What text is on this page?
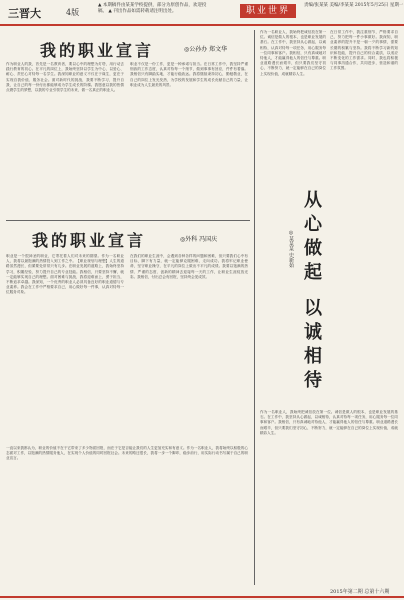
三晋大	4版
▲ 本期稿件由某某学校提供，部分为原创作品，欢迎投稿。 ▲ 刊出作品如需转载请注明出处。	职业世界
责编/张某某 美编/李某某 2015年5月25日 星期一
我的职业宣言	◎公孙办 郑文华
作为职业人的我，首先是一名教育者，要以心中的理想为灯塔，用行动去践行教育的初心。在平凡的岗位上，我始终坚持以学生为中心，以爱心、耐心、责任心对待每一名学生。我深知职业的意义不仅在于谋生，更在于实现自我价值、服务社会。面对新时代的挑战，我要不断学习，提升自我，让自己的每一份付出都能够成为学生成长的阶梯。我愿意以我的热情点燃学生的梦想，以我的专业引领学生的未来，做一名真正的职业人。
职业不仅是一份工作，更是一种承诺与担当。在日常工作中，我坚持严谨细致的工作态度，认真对待每一个细节，做到事事有回应，件件有着落。我相信只有脚踏实地，才能行稳致远。我将继续秉持初心，勤勉敬业，在自己的岗位上发光发热，为学校的发展和学生的成长贡献自己的力量，让职业成为人生最美的风景。
我的职业宣言	◎外科 冯国庆
职业是一个很神圣的职业，它寄托着人们对未来的期望。作为一名职业人，我将以最饱满的热情投入到工作之中。【职业规划与理想】人生的道路虽然漫长，但紧要处常常只有几步。在职业发展的道路上，我始终坚持学习，积累经验，努力提升自己的专业技能。我相信，只要坚持不懈，就一定能够实现自己的理想。面对困难与挑战，我将迎难而上，勇于担当，不断追求卓越。我深知，一个优秀的职业人必须具备良好的职业道德与专业素养。我会在工作中严格要求自己，用心做好每一件事，认真对待每一位服务对象。
在我们的职业生涯中，会遇到各种各样的问题和困难，但只要我们心中有目标，脚下有力量，就一定能够克服困难，走向成功。我将牢记职业使命，坚守职业操守，在平凡的岗位上做出不平凡的成绩。我要以饱满的热情、严谨的态度、创新的精神去迎接每一天的工作，让职业生涯绽放光彩。我相信，付出总会有回报，坚持终会见成效。
一直以来我都认为，职业的价值不在于它带来了多少物质回报，而在于它是否能让我们的人生更加充实和有意义。作为一名职业人，我将始终以积极的心态面对工作，以饱满的热情服务他人，在实现个人价值的同时回报社会。未来的路还很长，我将一步一个脚印，稳步前行，用实际行动书写属于自己的职业宣言。
作为一名职业人，我始终把诚信放在第一位。诚信是做人的根本，也是职业发展的基石。在工作中，我坚持从心做起，以诚相待，认真对待每一项任务，用心服务每一位同事和客户。我相信，只有真诚地对待他人，才能赢得他人的信任与尊重。职业道路漫长而艰辛，但只要我们坚守初心，不断努力，就一定能够在自己的岗位上实现价值，成就精彩人生。
在日常工作中，我注重细节，严格要求自己，努力把每一件小事做好。我深知，职业素养的提升不是一朝一夕的事情，需要长期的积累与坚持。我将不断学习新的知识和技能，提升自己的综合素质，以适应不断变化的工作需求。同时，我也将积极与同事沟通合作，共同进步，营造和谐的工作氛围。
从心做起 以诚相待
◎某某某 史新茹
作为一名职业人，我始终把诚信放在第一位。诚信是做人的根本，也是职业发展的基石。在工作中，我坚持从心做起，以诚相待，认真对待每一项任务，用心服务每一位同事和客户。我相信，只有真诚地对待他人，才能赢得他人的信任与尊重。职业道路漫长而艰辛，但只要我们坚守初心，不断努力，就一定能够在自己的岗位上实现价值，成就精彩人生。
2015年第二期 总第十六期
